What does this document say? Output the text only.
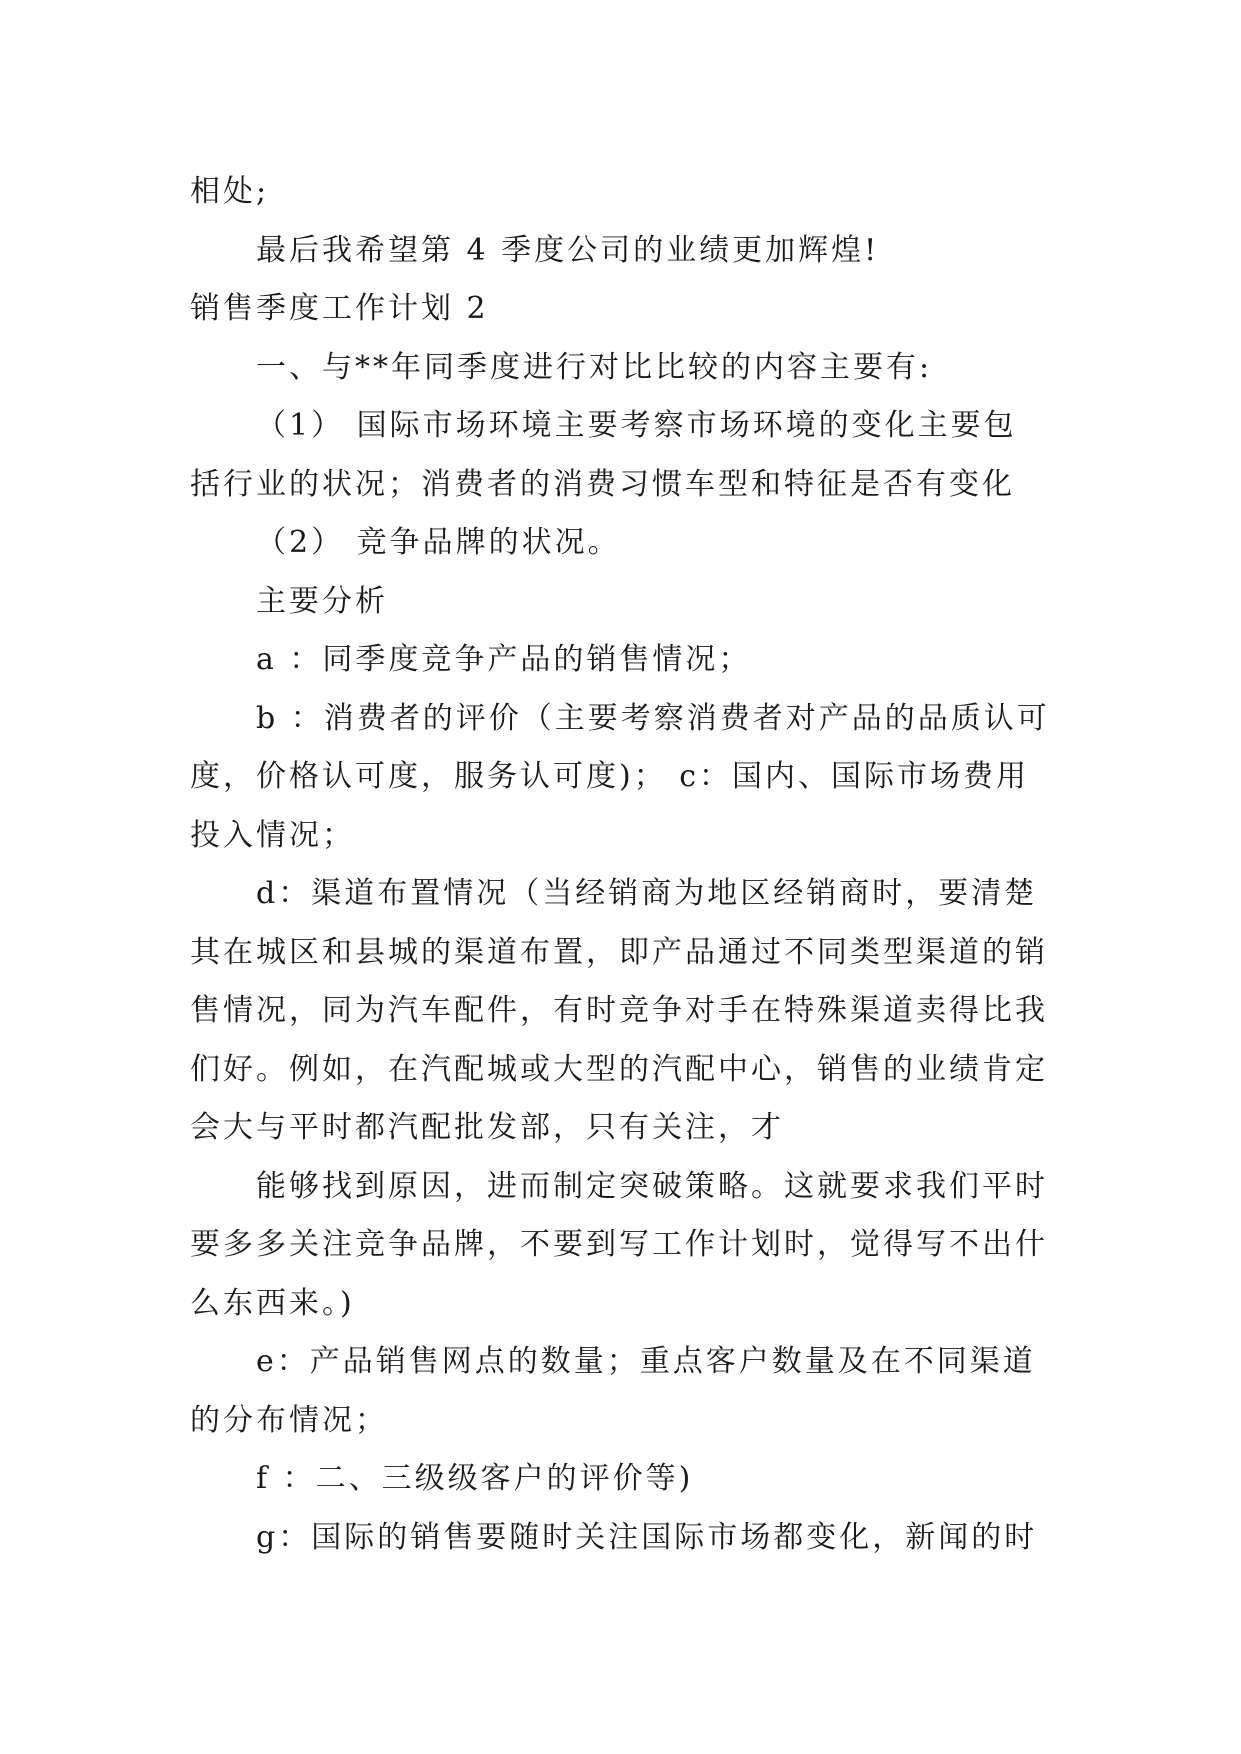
相处;

最后我希望第 4 季度公司的业绩更加辉煌!

销售季度工作计划 2

一、与**年同季度进行对比比较的内容主要有:

（1） 国际市场环境主要考察市场环境的变化主要包

括行业的状况；消费者的消费习惯车型和特征是否有变化

（2） 竞争品牌的状况。

主要分析

a ：同季度竞争产品的销售情况；

b ：消费者的评价（主要考察消费者对产品的品质认可

度，价格认可度，服务认可度)； c：国内、国际市场费用

投入情况；

d：渠道布置情况（当经销商为地区经销商时，要清楚

其在城区和县城的渠道布置，即产品通过不同类型渠道的销

售情况，同为汽车配件，有时竞争对手在特殊渠道卖得比我

们好。例如，在汽配城或大型的汽配中心，销售的业绩肯定

会大与平时都汽配批发部，只有关注，才

能够找到原因，进而制定突破策略。这就要求我们平时

要多多关注竞争品牌，不要到写工作计划时，觉得写不出什

么东西来。)

e：产品销售网点的数量；重点客户数量及在不同渠道

的分布情况；

f ：二、三级级客户的评价等)

g：国际的销售要随时关注国际市场都变化，新闻的时
